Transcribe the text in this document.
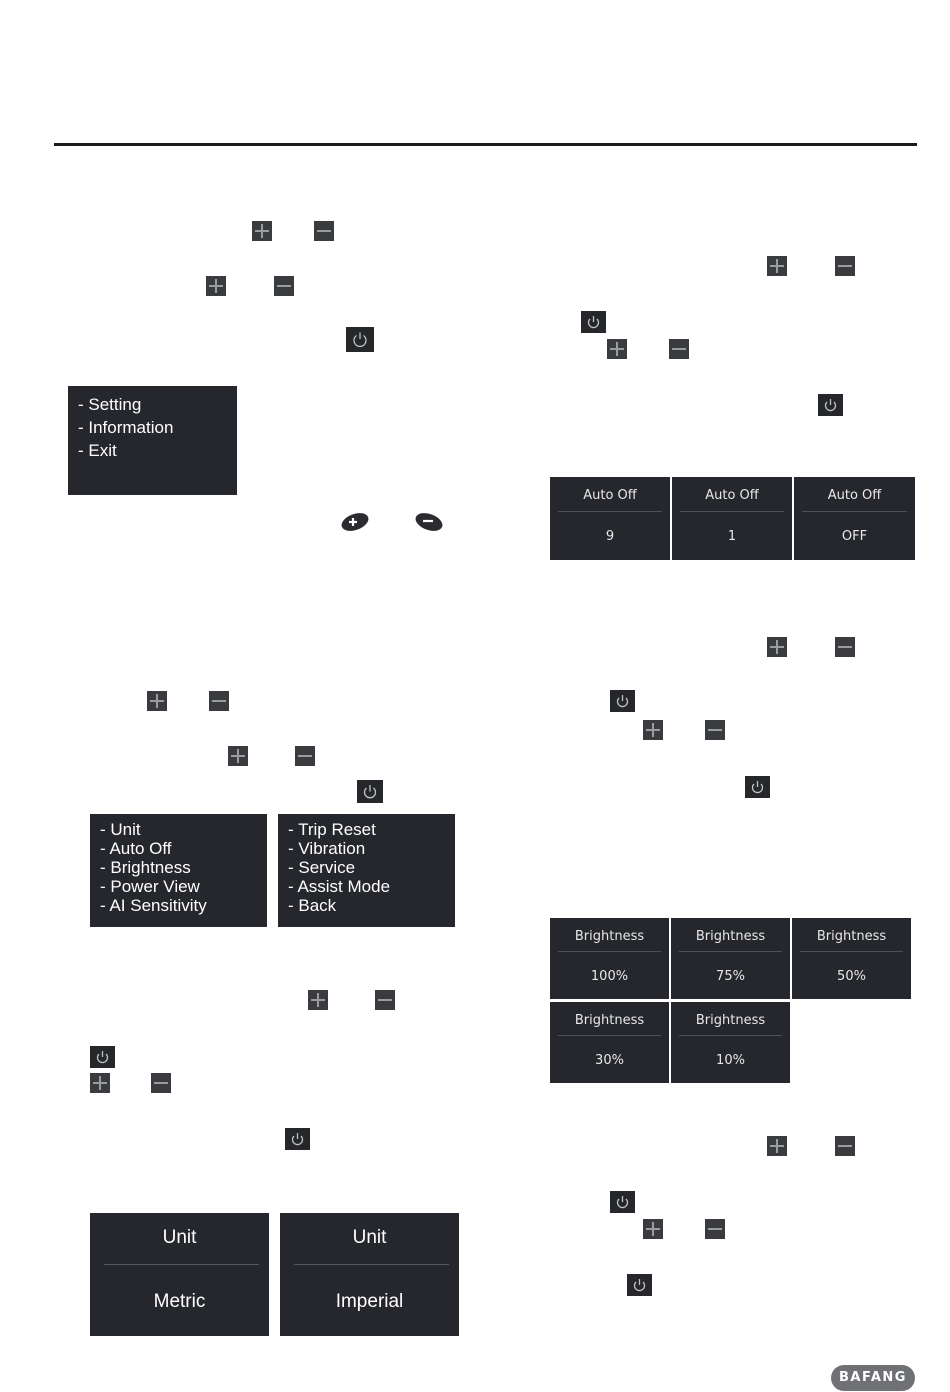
- Setting
- Information
- Exit
- Unit
- Auto Off
- Brightness
- Power View
- AI Sensitivity
- Trip Reset
- Vibration
- Service
- Assist Mode
- Back
Unit
Metric
Unit
Imperial
Auto Off
9
Auto Off
1
Auto Off
OFF
Brightness
100%
Brightness
75%
Brightness
50%
Brightness
30%
Brightness
10%
BAFANG
